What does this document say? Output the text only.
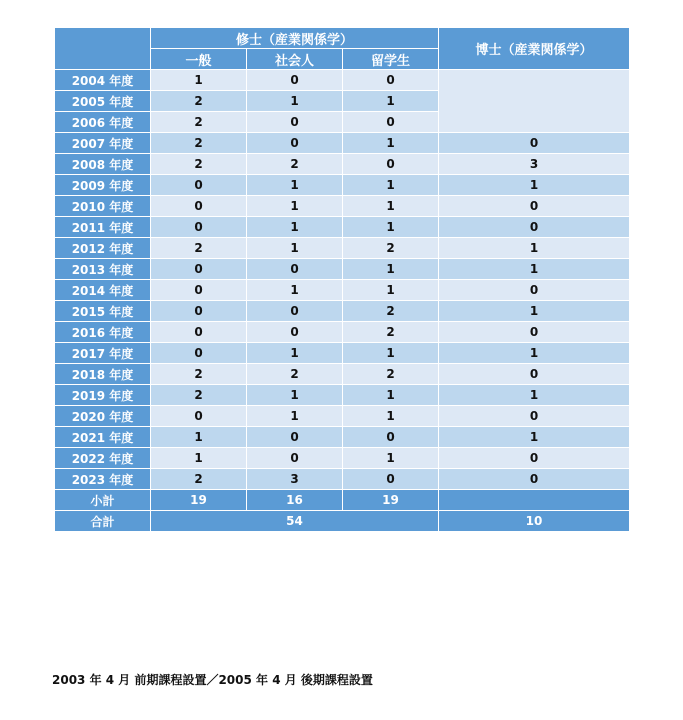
	修士（産業関係学）			博士（産業関係学）
	一般	社会人	留学生	
2004 年度	1	0	0	
2005 年度	2	1	1	
2006 年度	2	0	0	
2007 年度	2	0	1	0
2008 年度	2	2	0	3
2009 年度	0	1	1	1
2010 年度	0	1	1	0
2011 年度	0	1	1	0
2012 年度	2	1	2	1
2013 年度	0	0	1	1
2014 年度	0	1	1	0
2015 年度	0	0	2	1
2016 年度	0	0	2	0
2017 年度	0	1	1	1
2018 年度	2	2	2	0
2019 年度	2	1	1	1
2020 年度	0	1	1	0
2021 年度	1	0	0	1
2022 年度	1	0	1	0
2023 年度	2	3	0	0
小計	19	16	19	
合計	54			10
2003 年 4 月 前期課程設置／2005 年 4 月 後期課程設置
